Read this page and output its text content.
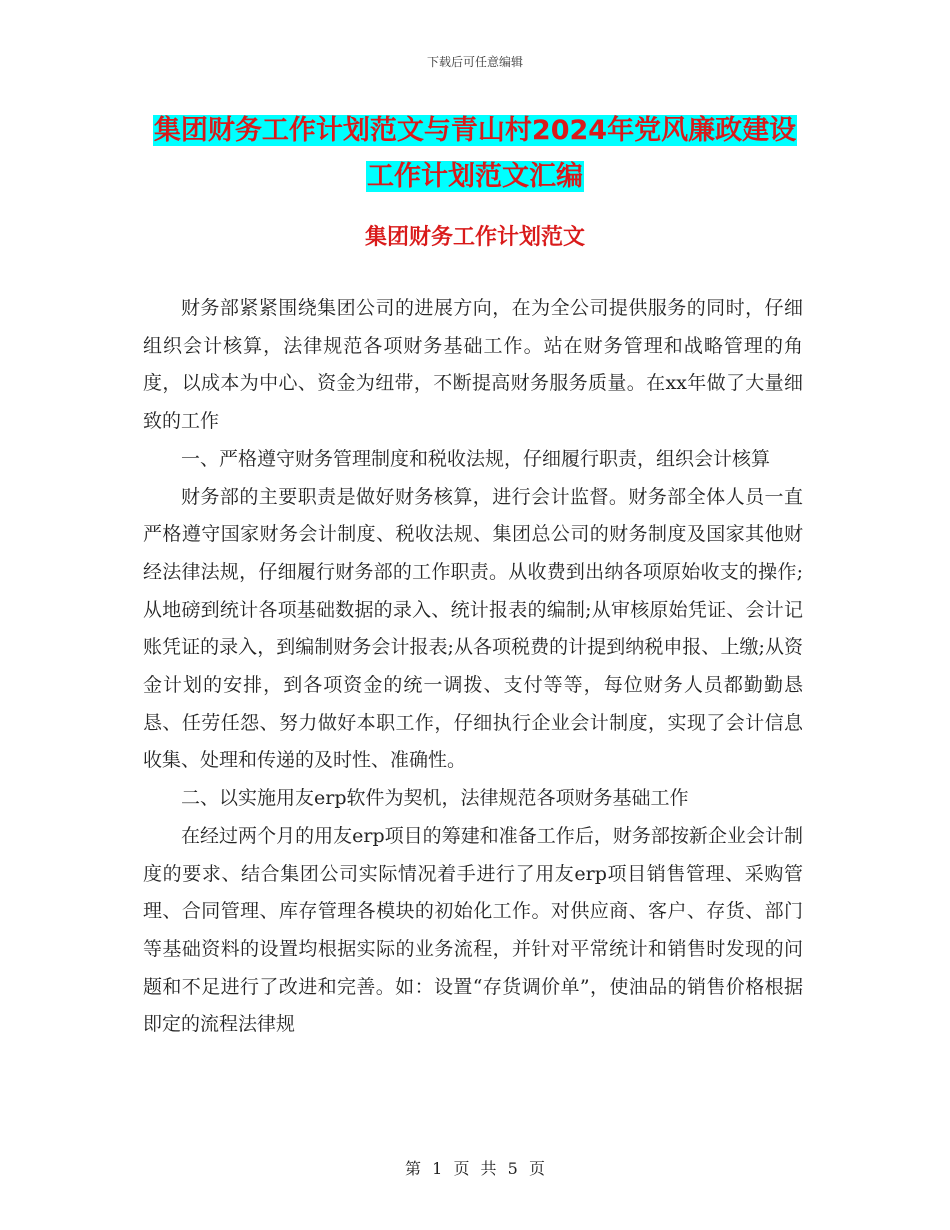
下载后可任意编辑
集团财务工作计划范文与青山村2024年党风廉政建设
工作计划范文汇编
集团财务工作计划范文

财务部紧紧围绕集团公司的进展方向，在为全公司提供服务的同时，仔细组织会计核算，法律规范各项财务基础工作。站在财务管理和战略管理的角度，以成本为中心、资金为纽带，不断提高财务服务质量。在xx年做了大量细致的工作

一、严格遵守财务管理制度和税收法规，仔细履行职责，组织会计核算

财务部的主要职责是做好财务核算，进行会计监督。财务部全体人员一直严格遵守国家财务会计制度、税收法规、集团总公司的财务制度及国家其他财经法律法规，仔细履行财务部的工作职责。从收费到出纳各项原始收支的操作;从地磅到统计各项基础数据的录入、统计报表的编制;从审核原始凭证、会计记账凭证的录入，到编制财务会计报表;从各项税费的计提到纳税申报、上缴;从资金计划的安排，到各项资金的统一调拨、支付等等，每位财务人员都勤勤恳恳、任劳任怨、努力做好本职工作，仔细执行企业会计制度，实现了会计信息收集、处理和传递的及时性、准确性。

二、以实施用友erp软件为契机，法律规范各项财务基础工作

在经过两个月的用友erp项目的筹建和准备工作后，财务部按新企业会计制度的要求、结合集团公司实际情况着手进行了用友erp项目销售管理、采购管理、合同管理、库存管理各模块的初始化工作。对供应商、客户、存货、部门等基础资料的设置均根据实际的业务流程，并针对平常统计和销售时发现的问题和不足进行了改进和完善。如：设置“存货调价单”，使油品的销售价格根据即定的流程法律规

第 1 页 共 5 页
